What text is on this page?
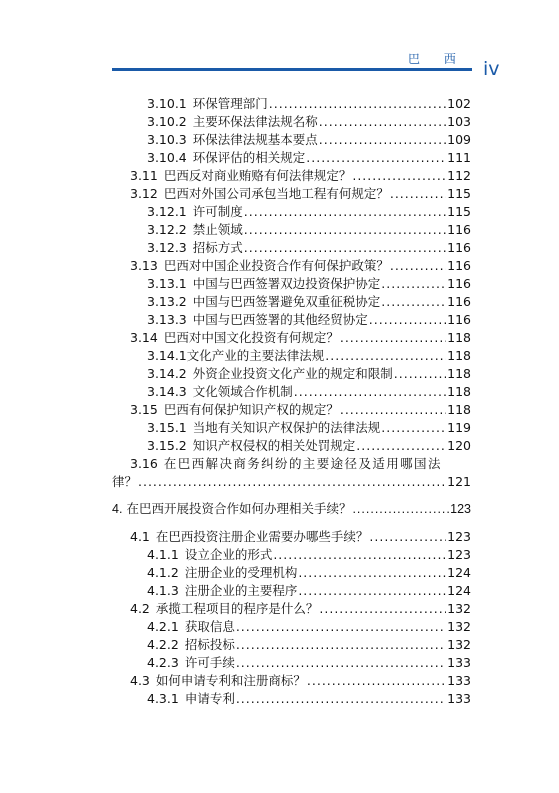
巴 西 iv
3.10.1 环保管理部门 .....	102
3.10.2 主要环保法律法规名称 .....	103
3.10.3 环保法律法规基本要点 .....	109
3.10.4 环保评估的相关规定 .....	111
3.11 巴西反对商业贿赂有何法律规定？ .....	112
3.12 巴西对外国公司承包当地工程有何规定？ .....	115
3.12.1 许可制度 .....	115
3.12.2 禁止领域 .....	116
3.12.3 招标方式 .....	116
3.13 巴西对中国企业投资合作有何保护政策？ .....	116
3.13.1 中国与巴西签署双边投资保护协定 .....	116
3.13.2 中国与巴西签署避免双重征税协定 .....	116
3.13.3 中国与巴西签署的其他经贸协定 .....	116
3.14 巴西对中国文化投资有何规定？ .....	118
3.14.1 文化产业的主要法律法规 .....	118
3.14.2 外资企业投资文化产业的规定和限制 .....	118
3.14.3 文化领域合作机制 .....	118
3.15 巴西有何保护知识产权的规定？ .....	118
3.15.1 当地有关知识产权保护的法律法规 .....	119
3.15.2 知识产权侵权的相关处罚规定 .....	120
3.16 在巴西解决商务纠纷的主要途径及适用哪国法
律？ .....	121
4. 在巴西开展投资合作如何办理相关手续？ .....	123
4.1 在巴西投资注册企业需要办哪些手续？ .....	123
4.1.1 设立企业的形式 .....	123
4.1.2 注册企业的受理机构 .....	124
4.1.3 注册企业的主要程序 .....	124
4.2 承揽工程项目的程序是什么？ .....	132
4.2.1 获取信息 .....	132
4.2.2 招标投标 .....	132
4.2.3 许可手续 .....	133
4.3 如何申请专利和注册商标？ .....	133
4.3.1 申请专利 .....	133
